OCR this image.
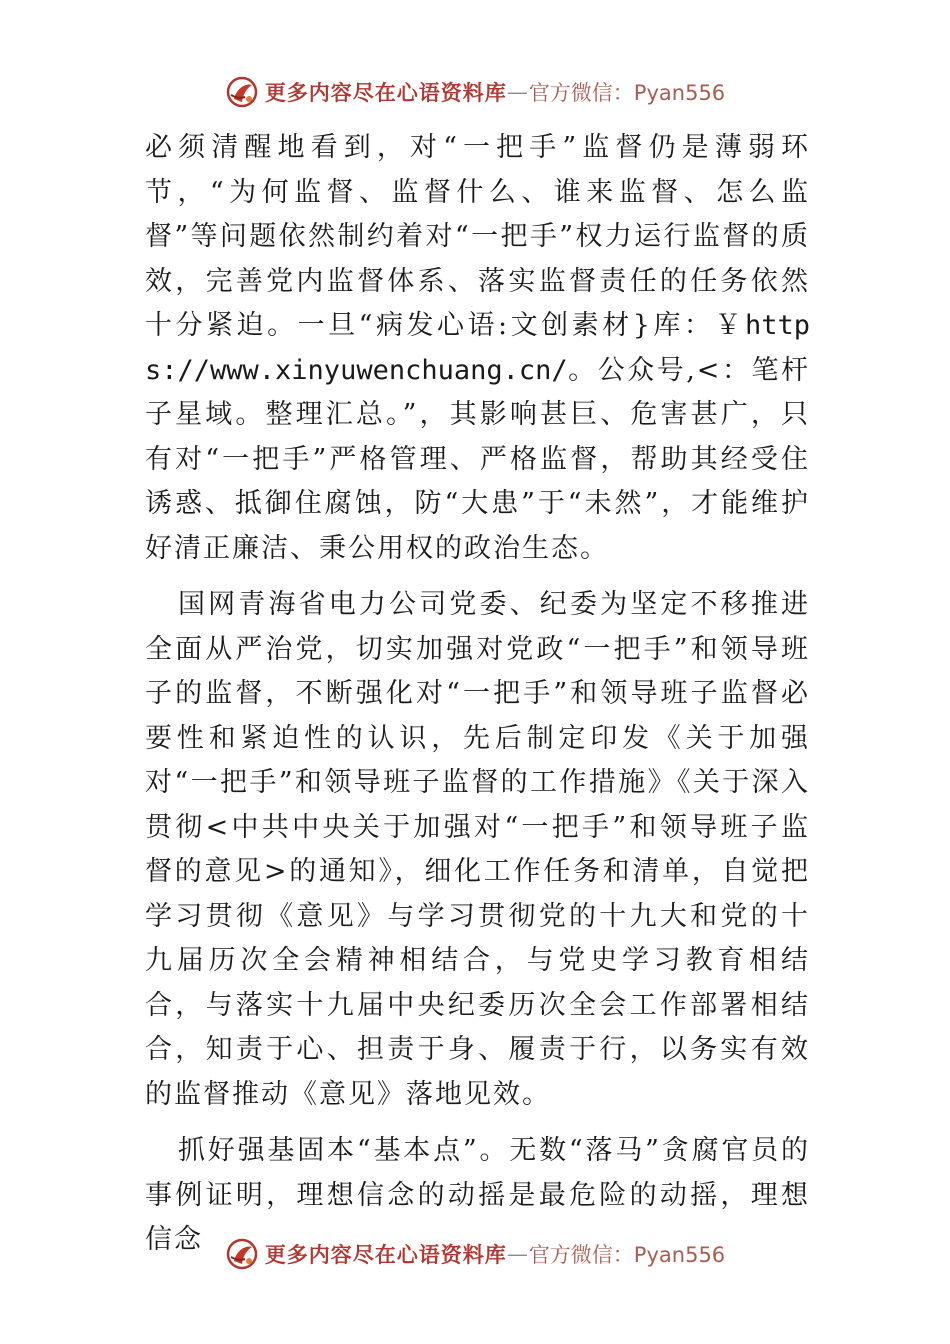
更多内容尽在心语资料库 — 官方微信：Pyan556

必须清醒地看到，对“一把手”监督仍是薄弱环节，“为何监督、监督什么、谁来监督、怎么监督”等问题依然制约着对“一把手”权力运行监督的质效，完善党内监督体系、落实监督责任的任务依然十分紧迫。一旦“病发心语:文创素材}库：￥https://www.xinyuwenchuang.cn/。公众号,<：笔杆子星域。整理汇总。”，其影响甚巨、危害甚广，只有对“一把手”严格管理、严格监督，帮助其经受住诱惑、抵御住腐蚀，防“大患”于“未然”，才能维护好清正廉洁、秉公用权的政治生态。

国网青海省电力公司党委、纪委为坚定不移推进全面从严治党，切实加强对党政“一把手”和领导班子的监督，不断强化对“一把手”和领导班子监督必要性和紧迫性的认识，先后制定印发《关于加强对“一把手”和领导班子监督的工作措施》《关于深入贯彻<中共中央关于加强对“一把手”和领导班子监督的意见>的通知》，细化工作任务和清单，自觉把学习贯彻《意见》与学习贯彻党的十九大和党的十九届历次全会精神相结合，与党史学习教育相结合，与落实十九届中央纪委历次全会工作部署相结合，知责于心、担责于身、履责于行，以务实有效的监督推动《意见》落地见效。

抓好强基固本“基本点”。无数“落马”贪腐官员的事例证明，理想信念的动摇是最危险的动摇，理想信念	更多内容尽在心语资料库 — 官方微信：Pyan556
